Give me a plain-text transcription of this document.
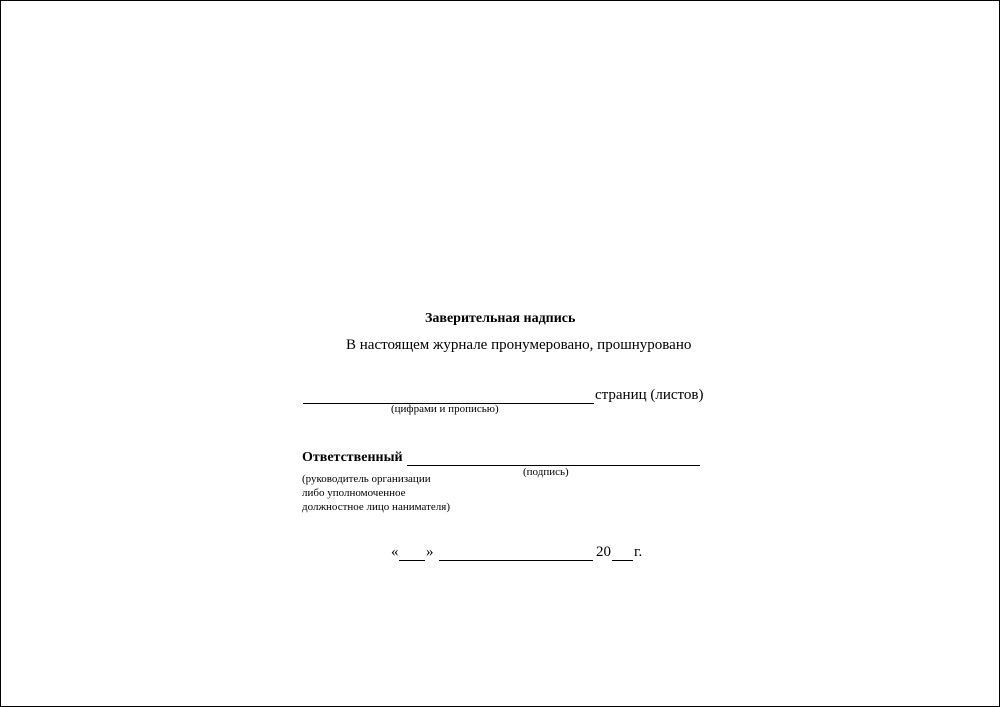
Заверительная надпись
В настоящем журнале пронумеровано, прошнуровано
страниц (листов)
(цифрами и прописью)
Ответственный
(подпись)
(руководитель организации
либо уполномоченное
должностное лицо нанимателя)
« »	20 г.
